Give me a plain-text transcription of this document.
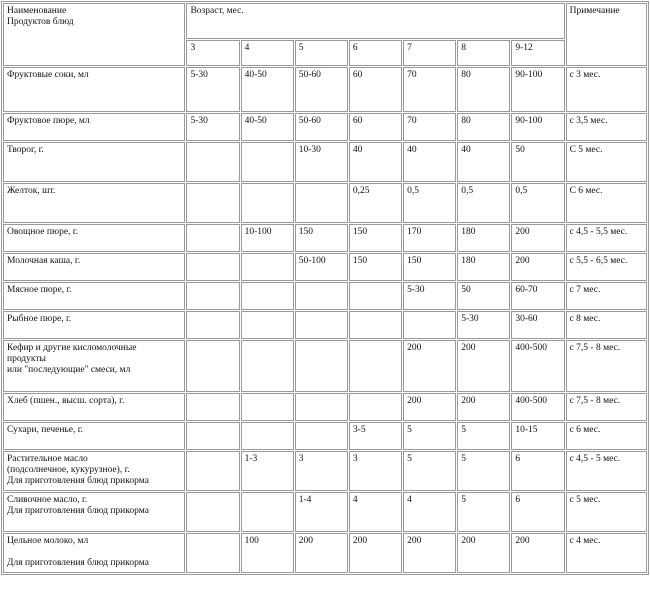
Наименование
Продуктов блюд	Возраст, мес.							Примечание
	3	4	5	6	7	8	9-12	

Фруктовые соки, мл	5-30	40-50	50-60	60	70	80	90-100	с 3 мес.

Фруктовое пюре, мл	5-30	40-50	50-60	60	70	80	90-100	с 3,5 мес.

Творог, г.			10-30	40	40	40	50	С 5 мес.

Желток, шт.				0,25	0,5	0,5	0,5	С 6 мес.

Овощное пюре, г.		10-100	150	150	170	180	200	с 4,5 - 5,5 мес.

Молочная каша, г.			50-100	150	150	180	200	с 5,5 - 6,5 мес.

Мясное пюре, г.					5-30	50	60-70	с 7 мес.

Рыбное пюре, г.						5-30	30-60	с 8 мес.

Кефир и другие кисломолочные
продукты
или "последующие" смеси, мл					200	200	400-500	с 7,5 - 8 мес.

Хлеб (пшен., высш. сорта), г.					200	200	400-500	с 7,5 - 8 мес.

Сухари, печенье, г.				3-5	5	5	10-15	с 6 мес.

Растительное масло
(подсолнечное, кукурузное), г.
Для приготовления блюд прикорма		1-3	3	3	5	5	6	с 4,5 - 5 мес.

Сливочное масло, г.
Для приготовления блюд прикорма			1-4	4	4	5	6	с 5 мес.

Цельное молоко, мл

Для приготовления блюд прикорма		100	200	200	200	200	200	с 4 мес.
